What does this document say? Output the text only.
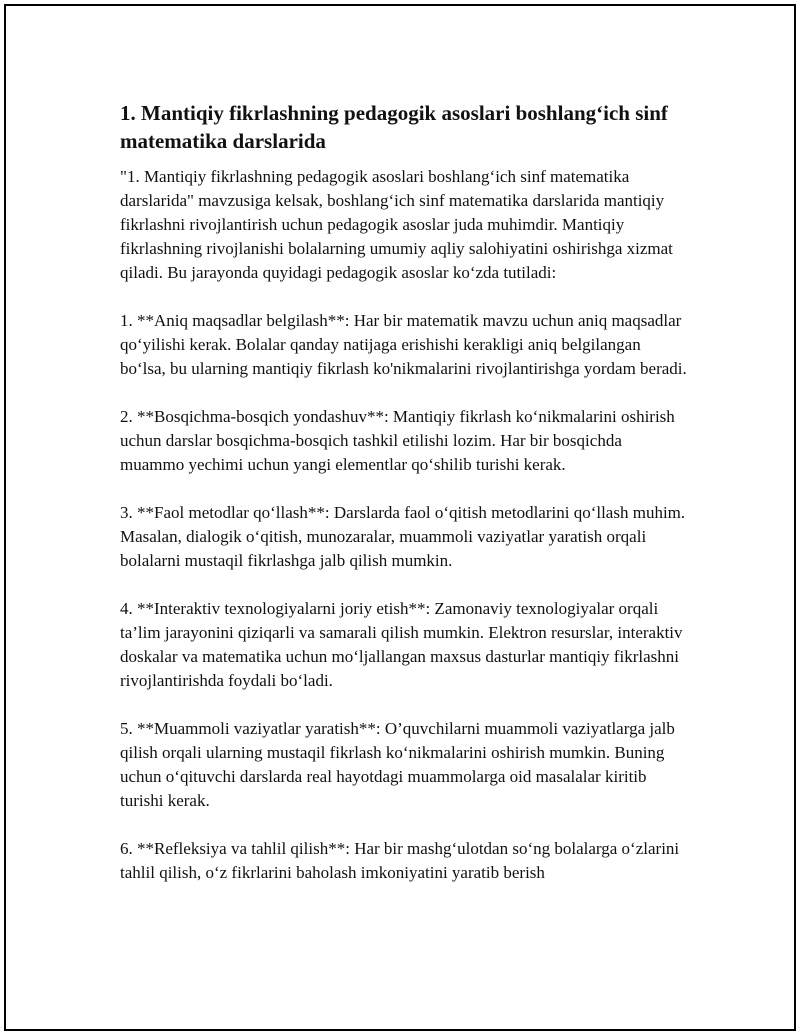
1. Mantiqiy fikrlashning pedagogik asoslari boshlang‘ich sinf matematika darslarida

"1. Mantiqiy fikrlashning pedagogik asoslari boshlang‘ich sinf matematika darslarida" mavzusiga kelsak, boshlang‘ich sinf matematika darslarida mantiqiy fikrlashni rivojlantirish uchun pedagogik asoslar juda muhimdir. Mantiqiy fikrlashning rivojlanishi bolalarning umumiy aqliy salohiyatini oshirishga xizmat qiladi. Bu jarayonda quyidagi pedagogik asoslar ko‘zda tutiladi:

1. **Aniq maqsadlar belgilash**: Har bir matematik mavzu uchun aniq maqsadlar qo‘yilishi kerak. Bolalar qanday natijaga erishishi kerakligi aniq belgilangan bo‘lsa, bu ularning mantiqiy fikrlash ko'nikmalarini rivojlantirishga yordam beradi.

2. **Bosqichma-bosqich yondashuv**: Mantiqiy fikrlash ko‘nikmalarini oshirish uchun darslar bosqichma-bosqich tashkil etilishi lozim. Har bir bosqichda muammo yechimi uchun yangi elementlar qo‘shilib turishi kerak.

3. **Faol metodlar qo‘llash**: Darslarda faol o‘qitish metodlarini qo‘llash muhim. Masalan, dialogik o‘qitish, munozaralar, muammoli vaziyatlar yaratish orqali bolalarni mustaqil fikrlashga jalb qilish mumkin.

4. **Interaktiv texnologiyalarni joriy etish**: Zamonaviy texnologiyalar orqali ta’lim jarayonini qiziqarli va samarali qilish mumkin. Elektron resurslar, interaktiv doskalar va matematika uchun mo‘ljallangan maxsus dasturlar mantiqiy fikrlashni rivojlantirishda foydali bo‘ladi.

5. **Muammoli vaziyatlar yaratish**: O’quvchilarni muammoli vaziyatlarga jalb qilish orqali ularning mustaqil fikrlash ko‘nikmalarini oshirish mumkin. Buning uchun o‘qituvchi darslarda real hayotdagi muammolarga oid masalalar kiritib turishi kerak.

6. **Refleksiya va tahlil qilish**: Har bir mashg‘ulotdan so‘ng bolalarga o‘zlarini tahlil qilish, o‘z fikrlarini baholash imkoniyatini yaratib berish
